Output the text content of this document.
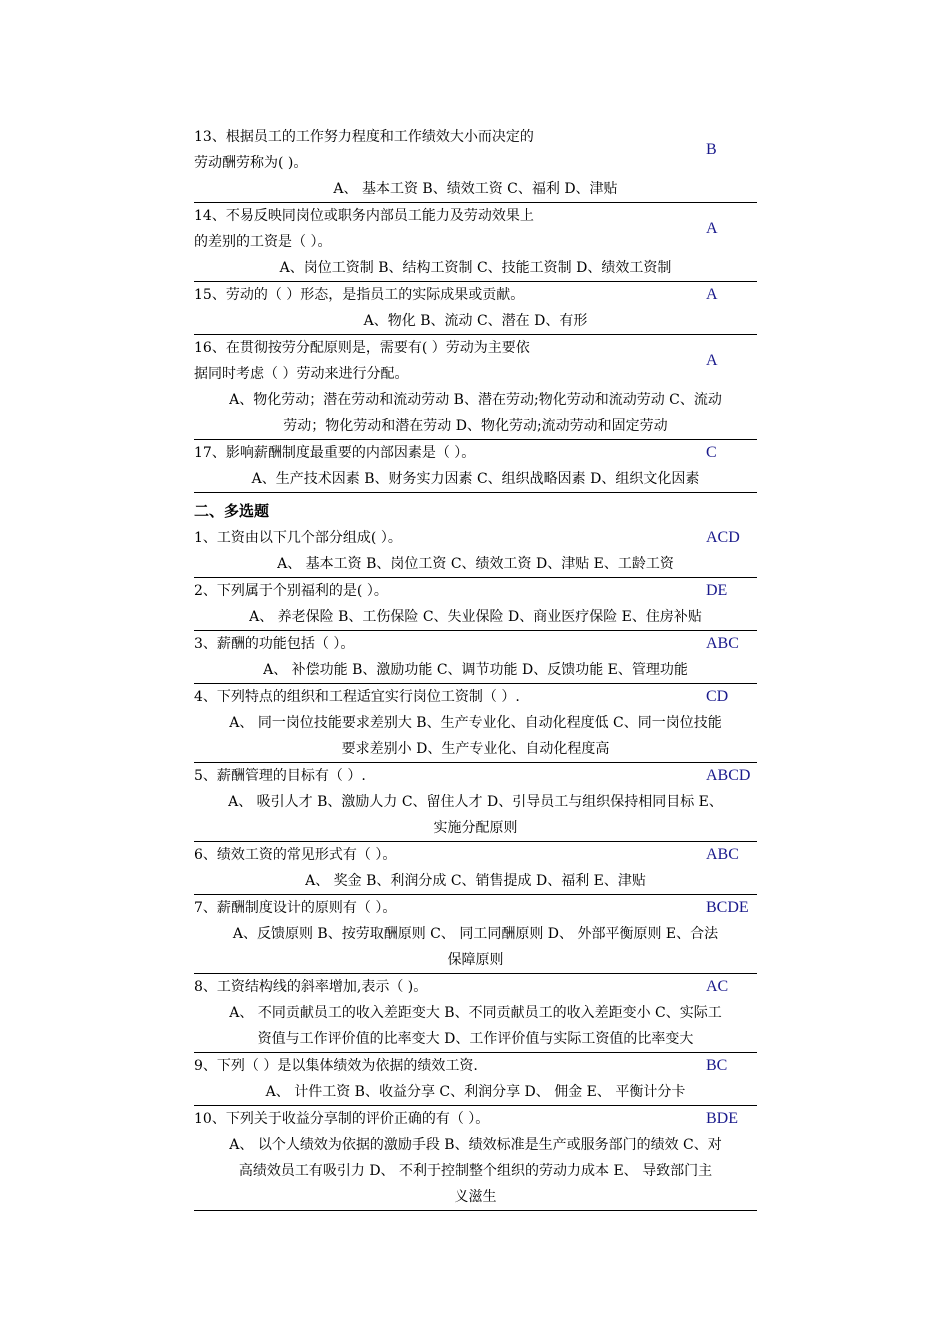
13、根据员工的工作努力程度和工作绩效大小而决定的
劳动酬劳称为( )。
A、 基本工资 B、绩效工资 C、福利 D、津贴
B
14、不易反映同岗位或职务内部员工能力及劳动效果上
的差别的工资是（ ）。
A、岗位工资制 B、结构工资制 C、技能工资制 D、绩效工资制
A
15、劳动的（ ）形态，是指员工的实际成果或贡献。
A、物化 B、流动 C、潜在 D、有形
A
16、在贯彻按劳分配原则是，需要有( ）劳动为主要依
据同时考虑（ ）劳动来进行分配。
A、物化劳动；潜在劳动和流动劳动 B、潜在劳动;物化劳动和流动劳动 C、流动
劳动；物化劳动和潜在劳动 D、物化劳动;流动劳动和固定劳动
A
17、影响薪酬制度最重要的内部因素是（ ）。
A、生产技术因素 B、财务实力因素 C、组织战略因素 D、组织文化因素
C
二、多选题
1、工资由以下几个部分组成( ）。
A、 基本工资 B、岗位工资 C、绩效工资 D、津贴 E、工龄工资
ACD
2、下列属于个别福利的是( ）。
A、 养老保险 B、工伤保险 C、失业保险 D、商业医疗保险 E、住房补贴
DE
3、薪酬的功能包括（ ）。
A、 补偿功能 B、激励功能 C、调节功能 D、反馈功能 E、管理功能
ABC
4、下列特点的组织和工程适宜实行岗位工资制（ ）.
A、 同一岗位技能要求差别大 B、生产专业化、自动化程度低 C、同一岗位技能
要求差别小 D、生产专业化、自动化程度高
CD
5、薪酬管理的目标有（ ）.
A、 吸引人才 B、激励人力 C、留住人才 D、引导员工与组织保持相同目标 E、
实施分配原则
ABCD
6、绩效工资的常见形式有（ ）。
A、 奖金 B、利润分成 C、销售提成 D、福利 E、津贴
ABC
7、薪酬制度设计的原则有（ ）。
A、反馈原则 B、按劳取酬原则 C、 同工同酬原则 D、 外部平衡原则 E、合法
保障原则
BCDE
8、工资结构线的斜率增加,表示（ )。
A、 不同贡献员工的收入差距变大 B、不同贡献员工的收入差距变小 C、实际工
资值与工作评价值的比率变大 D、工作评价值与实际工资值的比率变大
AC
9、下列（ ）是以集体绩效为依据的绩效工资.
A、 计件工资 B、收益分享 C、利润分享 D、 佣金 E、 平衡计分卡
BC
10、下列关于收益分享制的评价正确的有（ ）。
A、 以个人绩效为依据的激励手段 B、绩效标准是生产或服务部门的绩效 C、对
高绩效员工有吸引力 D、 不利于控制整个组织的劳动力成本 E、 导致部门主
义滋生
BDE
